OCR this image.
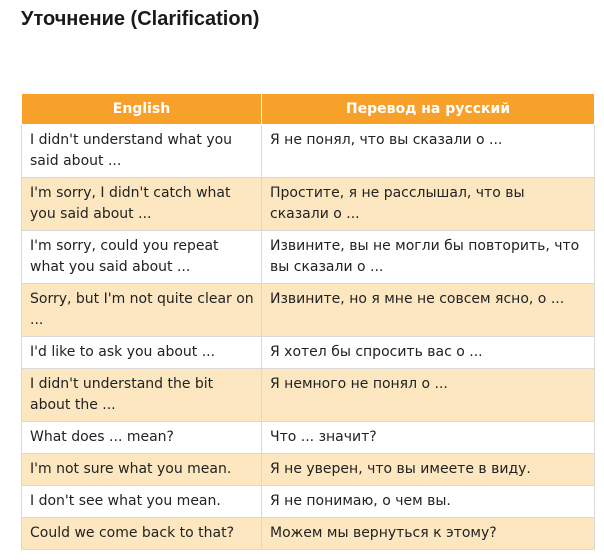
Уточнение (Clarification)
English	Перевод на русский
I didn't understand what you said about ...	Я не понял, что вы сказали о ...
I'm sorry, I didn't catch what you said about ...	Простите, я не расслышал, что вы сказали о ...
I'm sorry, could you repeat what you said about ...	Извините, вы не могли бы повторить, что вы сказали о ...
Sorry, but I'm not quite clear on ...	Извините, но я мне не совсем ясно, о ...
I'd like to ask you about ...	Я хотел бы спросить вас о ...
I didn't understand the bit about the ...	Я немного не понял о ...
What does ... mean?	Что ... значит?
I'm not sure what you mean.	Я не уверен, что вы имеете в виду.
I don't see what you mean.	Я не понимаю, о чем вы.
Could we come back to that?	Можем мы вернуться к этому?
